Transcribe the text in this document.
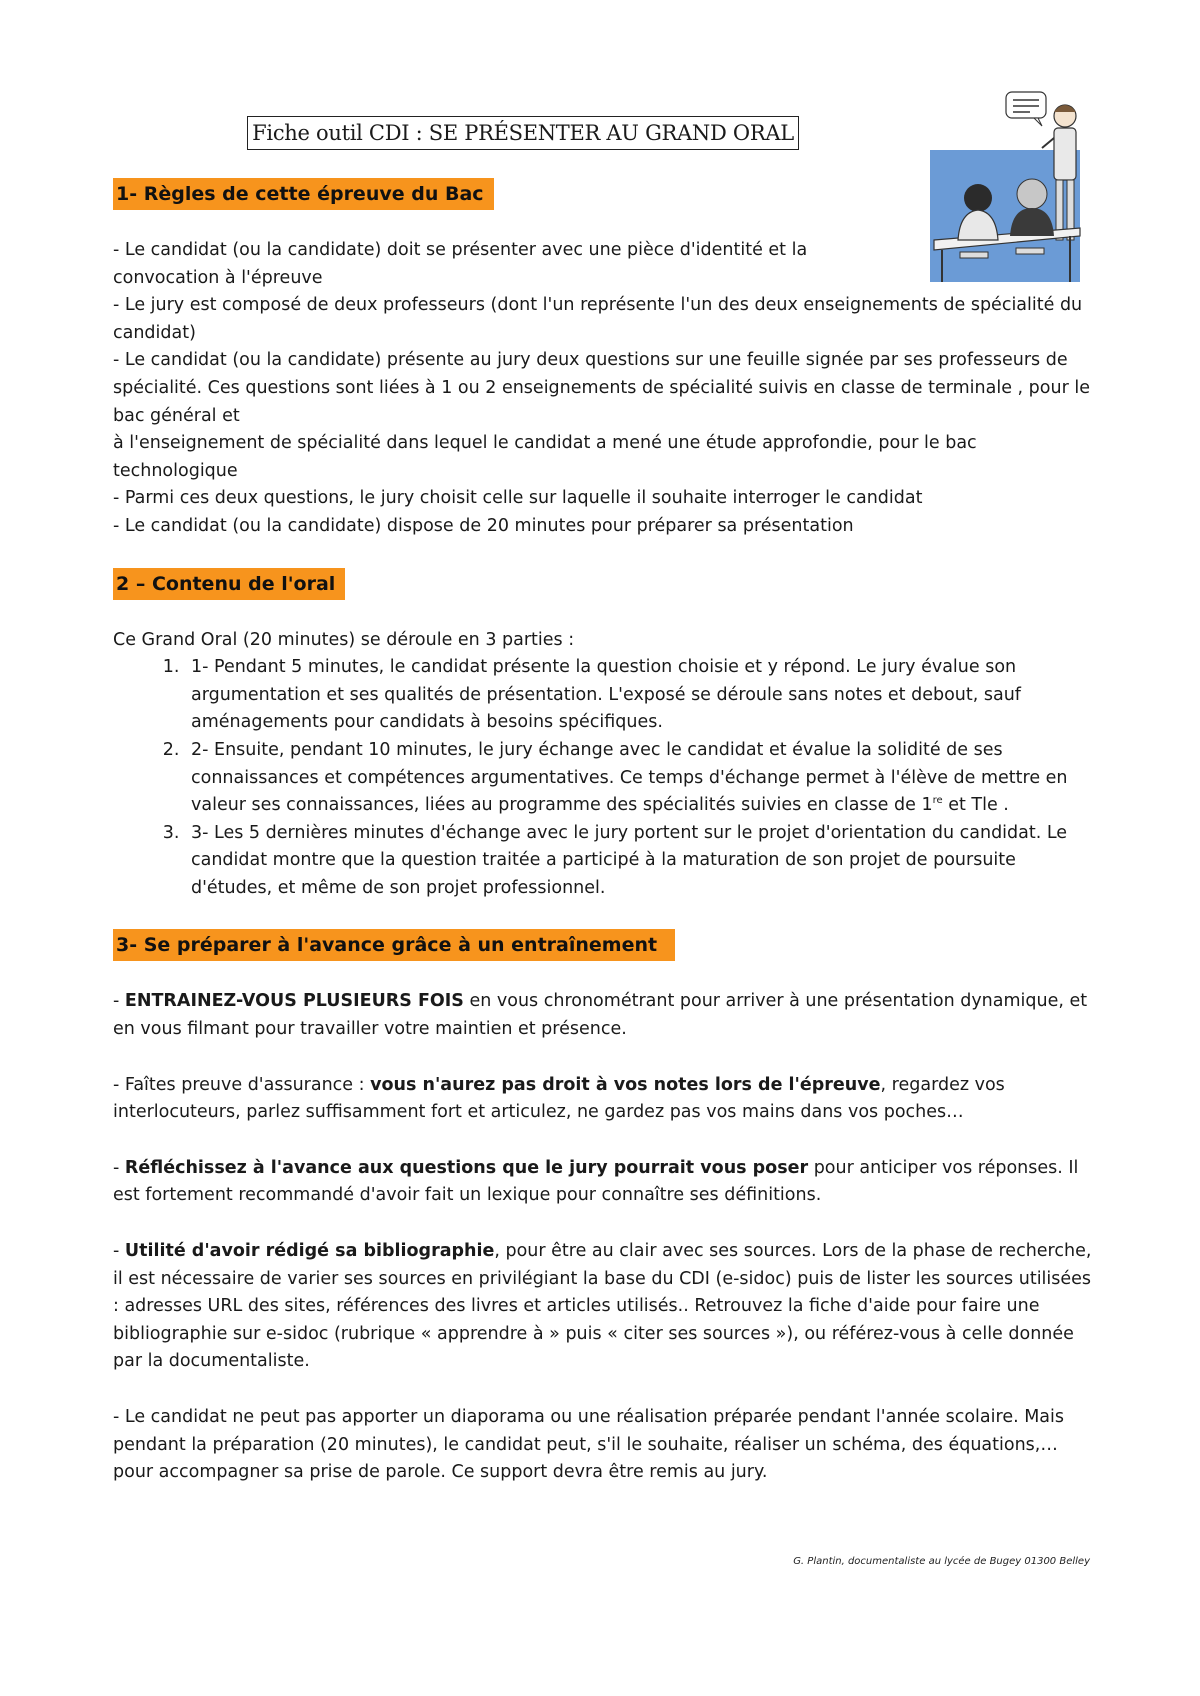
Fiche outil CDI : SE PRÉSENTER AU GRAND ORAL
1- Règles de cette épreuve du Bac

- Le candidat (ou la candidate) doit se présenter avec une pièce d'identité et la convocation à l'épreuve

- Le jury est composé de deux professeurs (dont l'un représente l'un des deux enseignements de spécialité du candidat)

- Le candidat (ou la candidate) présente au jury deux questions sur une feuille signée par ses professeurs de spécialité. Ces questions sont liées à 1 ou 2 enseignements de spécialité suivis en classe de terminale , pour le bac général et

à l'enseignement de spécialité dans lequel le candidat a mené une étude approfondie, pour le bac technologique

- Parmi ces deux questions, le jury choisit celle sur laquelle il souhaite interroger le candidat

- Le candidat (ou la candidate) dispose de 20 minutes pour préparer sa présentation

2 – Contenu de l'oral

Ce Grand Oral (20 minutes) se déroule en 3 parties :

1. 1- Pendant 5 minutes, le candidat présente la question choisie et y répond. Le jury évalue son argumentation et ses qualités de présentation. L'exposé se déroule sans notes et debout, sauf aménagements pour candidats à besoins spécifiques.
2. 2- Ensuite, pendant 10 minutes, le jury échange avec le candidat et évalue la solidité de ses connaissances et compétences argumentatives. Ce temps d'échange permet à l'élève de mettre en valeur ses connaissances, liées au programme des spécialités suivies en classe de 1re et Tle .
3. 3- Les 5 dernières minutes d'échange avec le jury portent sur le projet d'orientation du candidat. Le candidat montre que la question traitée a participé à la maturation de son projet de poursuite d'études, et même de son projet professionnel.
3- Se préparer à l'avance grâce à un entraînement

- ENTRAINEZ-VOUS PLUSIEURS FOIS en vous chronométrant pour arriver à une présentation dynamique, et en vous filmant pour travailler votre maintien et présence.

- Faîtes preuve d'assurance : vous n'aurez pas droit à vos notes lors de l'épreuve, regardez vos interlocuteurs, parlez suffisamment fort et articulez, ne gardez pas vos mains dans vos poches…

- Réfléchissez à l'avance aux questions que le jury pourrait vous poser pour anticiper vos réponses. Il est fortement recommandé d'avoir fait un lexique pour connaître ses définitions.

- Utilité d'avoir rédigé sa bibliographie, pour être au clair avec ses sources. Lors de la phase de recherche, il est nécessaire de varier ses sources en privilégiant la base du CDI (e-sidoc) puis de lister les sources utilisées : adresses URL des sites, références des livres et articles utilisés.. Retrouvez la fiche d'aide pour faire une bibliographie sur e-sidoc (rubrique « apprendre à » puis « citer ses sources »), ou référez-vous à celle donnée par la documentaliste.

- Le candidat ne peut pas apporter un diaporama ou une réalisation préparée pendant l'année scolaire. Mais pendant la préparation (20 minutes), le candidat peut, s'il le souhaite, réaliser un schéma, des équations,… pour accompagner sa prise de parole. Ce support devra être remis au jury.

G. Plantin, documentaliste au lycée de Bugey 01300 Belley
